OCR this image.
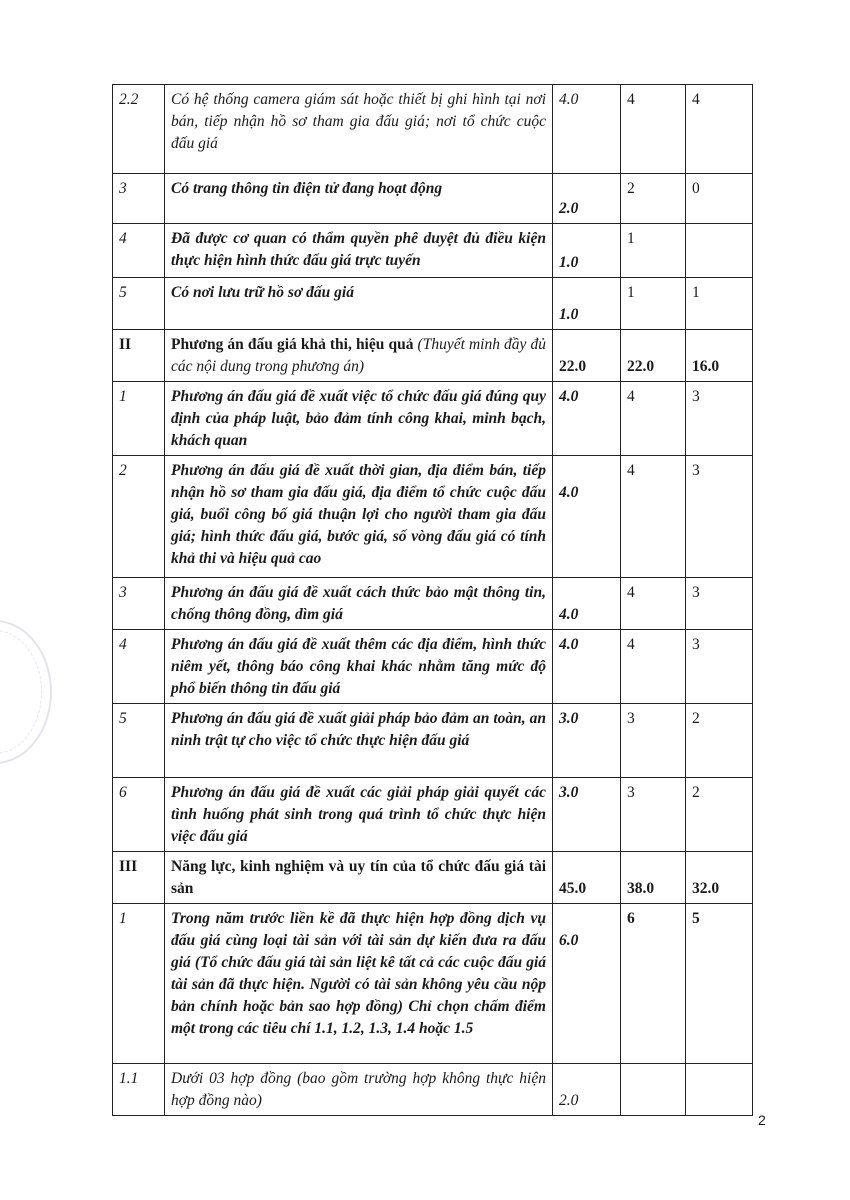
2.2	Có hệ thống camera giám sát hoặc thiết bị ghi hình tại nơi bán, tiếp nhận hồ sơ tham gia đấu giá; nơi tổ chức cuộc đấu giá	4.0	4	4
3	Có trang thông tin điện tử đang hoạt động	2.0	2	0
4	Đã được cơ quan có thẩm quyền phê duyệt đủ điều kiện thực hiện hình thức đấu giá trực tuyến	1.0	1	
5	Có nơi lưu trữ hồ sơ đấu giá	1.0	1	1
II	Phương án đấu giá khả thi, hiệu quả (Thuyết minh đầy đủ các nội dung trong phương án)	22.0	22.0	16.0
1	Phương án đấu giá đề xuất việc tổ chức đấu giá đúng quy định của pháp luật, bảo đảm tính công khai, minh bạch, khách quan	4.0	4	3
2	Phương án đấu giá đề xuất thời gian, địa điểm bán, tiếp nhận hồ sơ tham gia đấu giá, địa điểm tổ chức cuộc đấu giá, buổi công bố giá thuận lợi cho người tham gia đấu giá; hình thức đấu giá, bước giá, số vòng đấu giá có tính khả thi và hiệu quả cao	4.0	4	3
3	Phương án đấu giá đề xuất cách thức bảo mật thông tin, chống thông đồng, dìm giá	4.0	4	3
4	Phương án đấu giá đề xuất thêm các địa điểm, hình thức niêm yết, thông báo công khai khác nhằm tăng mức độ phổ biến thông tin đấu giá	4.0	4	3
5	Phương án đấu giá đề xuất giải pháp bảo đảm an toàn, an ninh trật tự cho việc tổ chức thực hiện đấu giá	3.0	3	2
6	Phương án đấu giá đề xuất các giải pháp giải quyết các tình huống phát sinh trong quá trình tổ chức thực hiện việc đấu giá	3.0	3	2
III	Năng lực, kinh nghiệm và uy tín của tổ chức đấu giá tài sản	45.0	38.0	32.0
1	Trong năm trước liền kề đã thực hiện hợp đồng dịch vụ đấu giá cùng loại tài sản với tài sản dự kiến đưa ra đấu giá (Tổ chức đấu giá tài sản liệt kê tất cả các cuộc đấu giá tài sản đã thực hiện. Người có tài sản không yêu cầu nộp bản chính hoặc bản sao hợp đồng) Chỉ chọn chấm điểm một trong các tiêu chí 1.1, 1.2, 1.3, 1.4 hoặc 1.5	6.0	6	5
1.1	Dưới 03 hợp đồng (bao gồm trường hợp không thực hiện hợp đồng nào)	2.0		
2
